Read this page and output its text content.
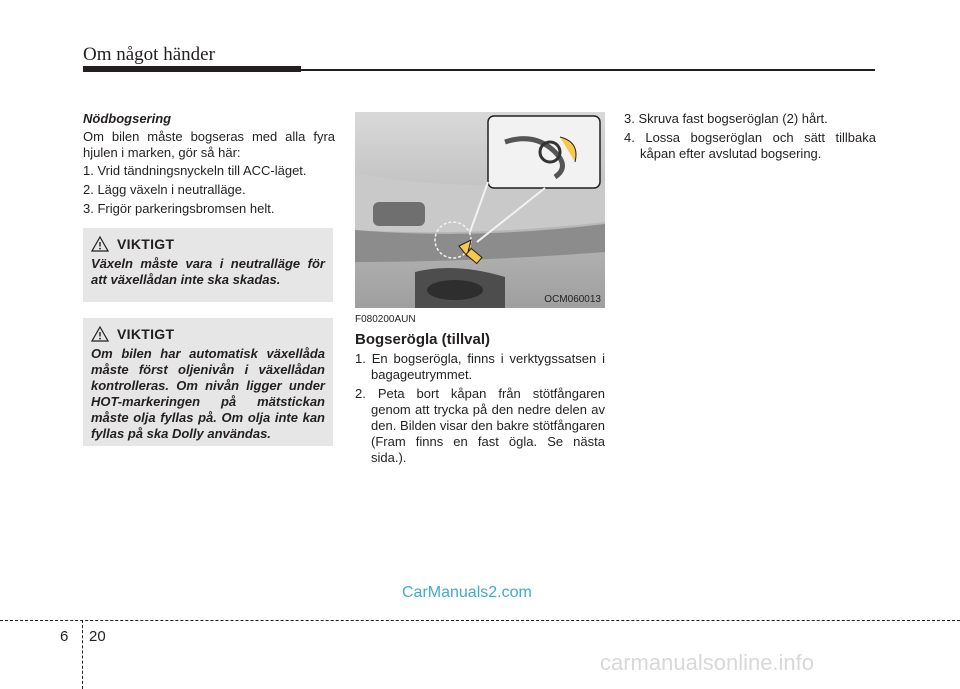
Om något händer
Nödbogsering

Om bilen måste bogseras med alla fyra hjulen i marken, gör så här:

1. Vrid tändningsnyckeln till ACC-läget.
2. Lägg växeln i neutralläge.
3. Frigör parkeringsbromsen helt.
VIKTIGT
Växeln måste vara i neutralläge för att växellådan inte ska skadas.
VIKTIGT
Om bilen har automatisk växellåda måste först oljenivån i växellådan kontrolleras. Om nivån ligger under HOT-markeringen på mätstickan måste olja fyllas på. Om olja inte kan fyllas på ska Dolly användas.
OCM060013
F080200AUN
Bogserögla (tillval)
1. En bogserögla, finns i verktygssatsen i bagageutrymmet.
2. Peta bort kåpan från stötfångaren genom att trycka på den nedre delen av den. Bilden visar den bakre stötfångaren (Fram finns en fast ögla. Se nästa sida.).
3. Skruva fast bogseröglan (2) hårt.
4. Lossa bogseröglan och sätt tillbaka kåpan efter avslutad bogsering.
CarManuals2.com
6 20
carmanualsonline.info
